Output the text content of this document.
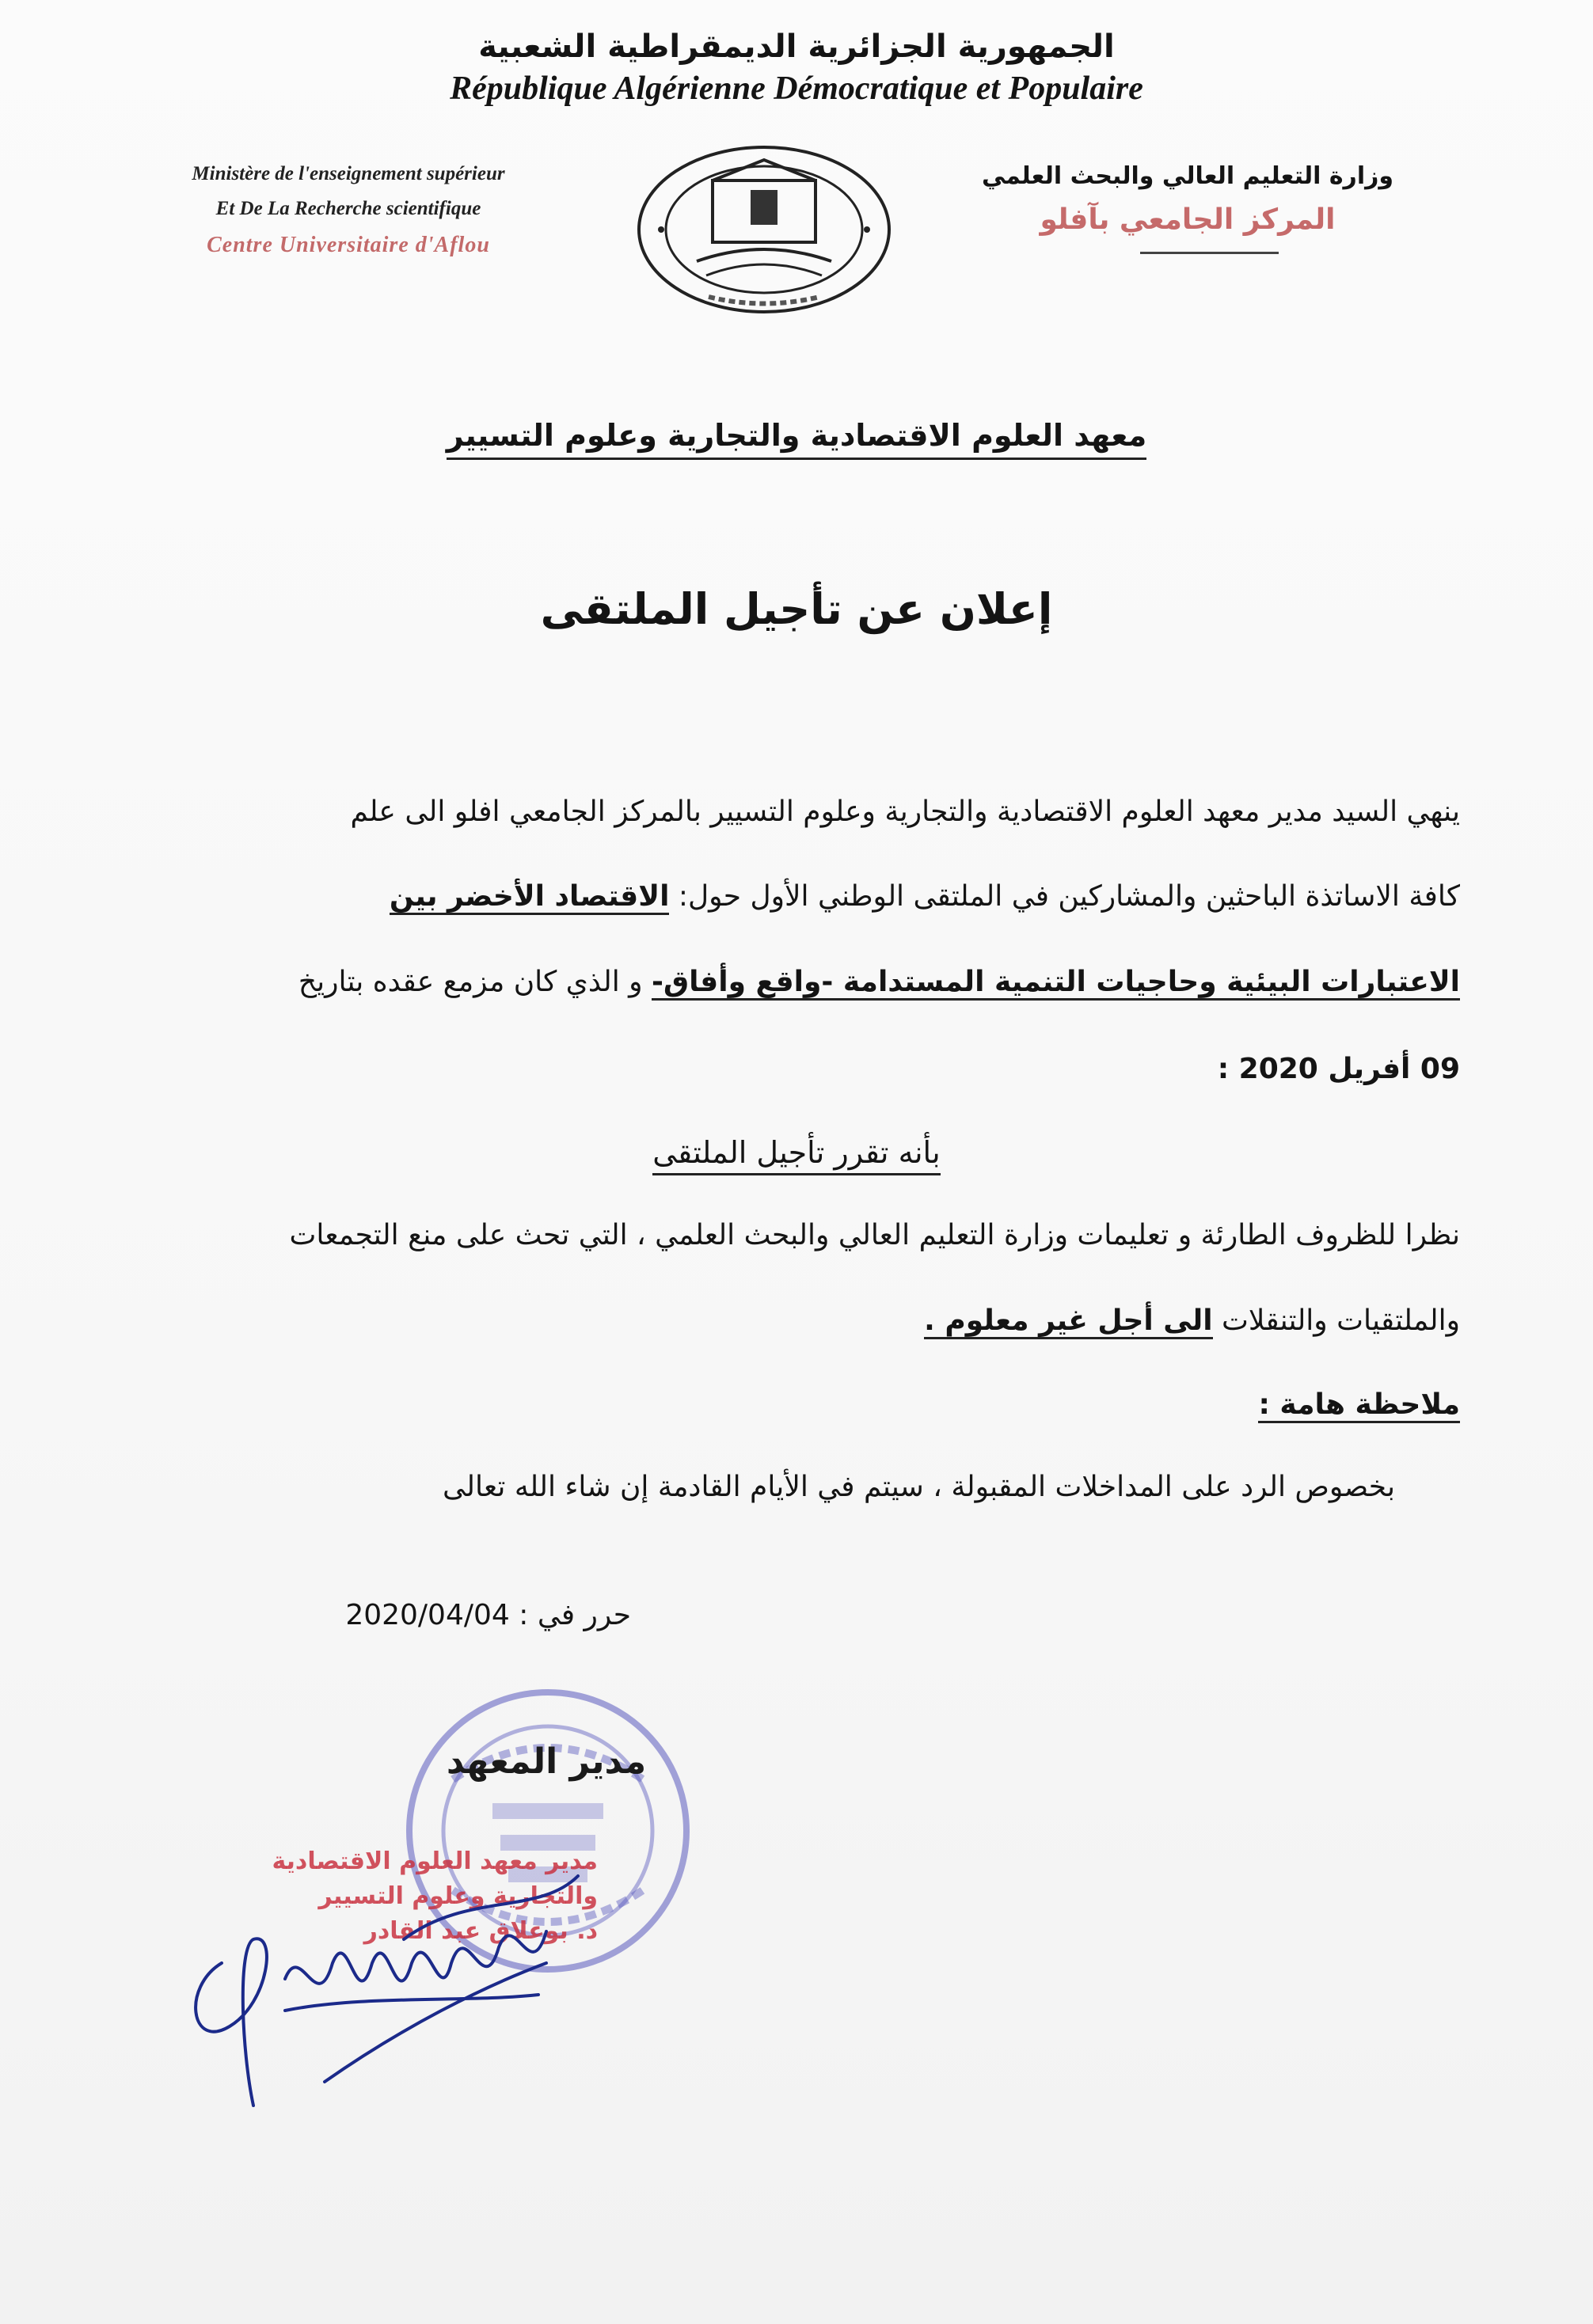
الجمهورية الجزائرية الديمقراطية الشعبية
République Algérienne Démocratique et Populaire
Ministère de l'enseignement supérieur
Et De La Recherche scientifique
Centre Universitaire d'Aflou
وزارة التعليم العالي والبحث العلمي
المركز الجامعي بآفلو
معهد العلوم الاقتصادية والتجارية وعلوم التسيير
إعلان عن تأجيل الملتقى
ينهي السيد مدير معهد العلوم الاقتصادية والتجارية وعلوم التسيير بالمركز الجامعي افلو الى علم
كافة الاساتذة الباحثين والمشاركين في الملتقى الوطني الأول حول: الاقتصاد الأخضر بين
الاعتبارات البيئية وحاجيات التنمية المستدامة -واقع وأفاق- و الذي كان مزمع عقده بتاريخ
09 أفريل 2020 :
بأنه تقرر تأجيل الملتقى
نظرا للظروف الطارئة و تعليمات وزارة التعليم العالي والبحث العلمي ، التي تحث على منع التجمعات
والملتقيات والتنقلات الى أجل غير معلوم .
ملاحظة هامة :
بخصوص الرد على المداخلات المقبولة ، سيتم في الأيام القادمة إن شاء الله تعالى
حرر في : 2020/04/04
مدير المعهد
مدير معهد العلوم الاقتصادية
والتجارية وعلوم التسيير
د. بوعلاق عبد القادر
